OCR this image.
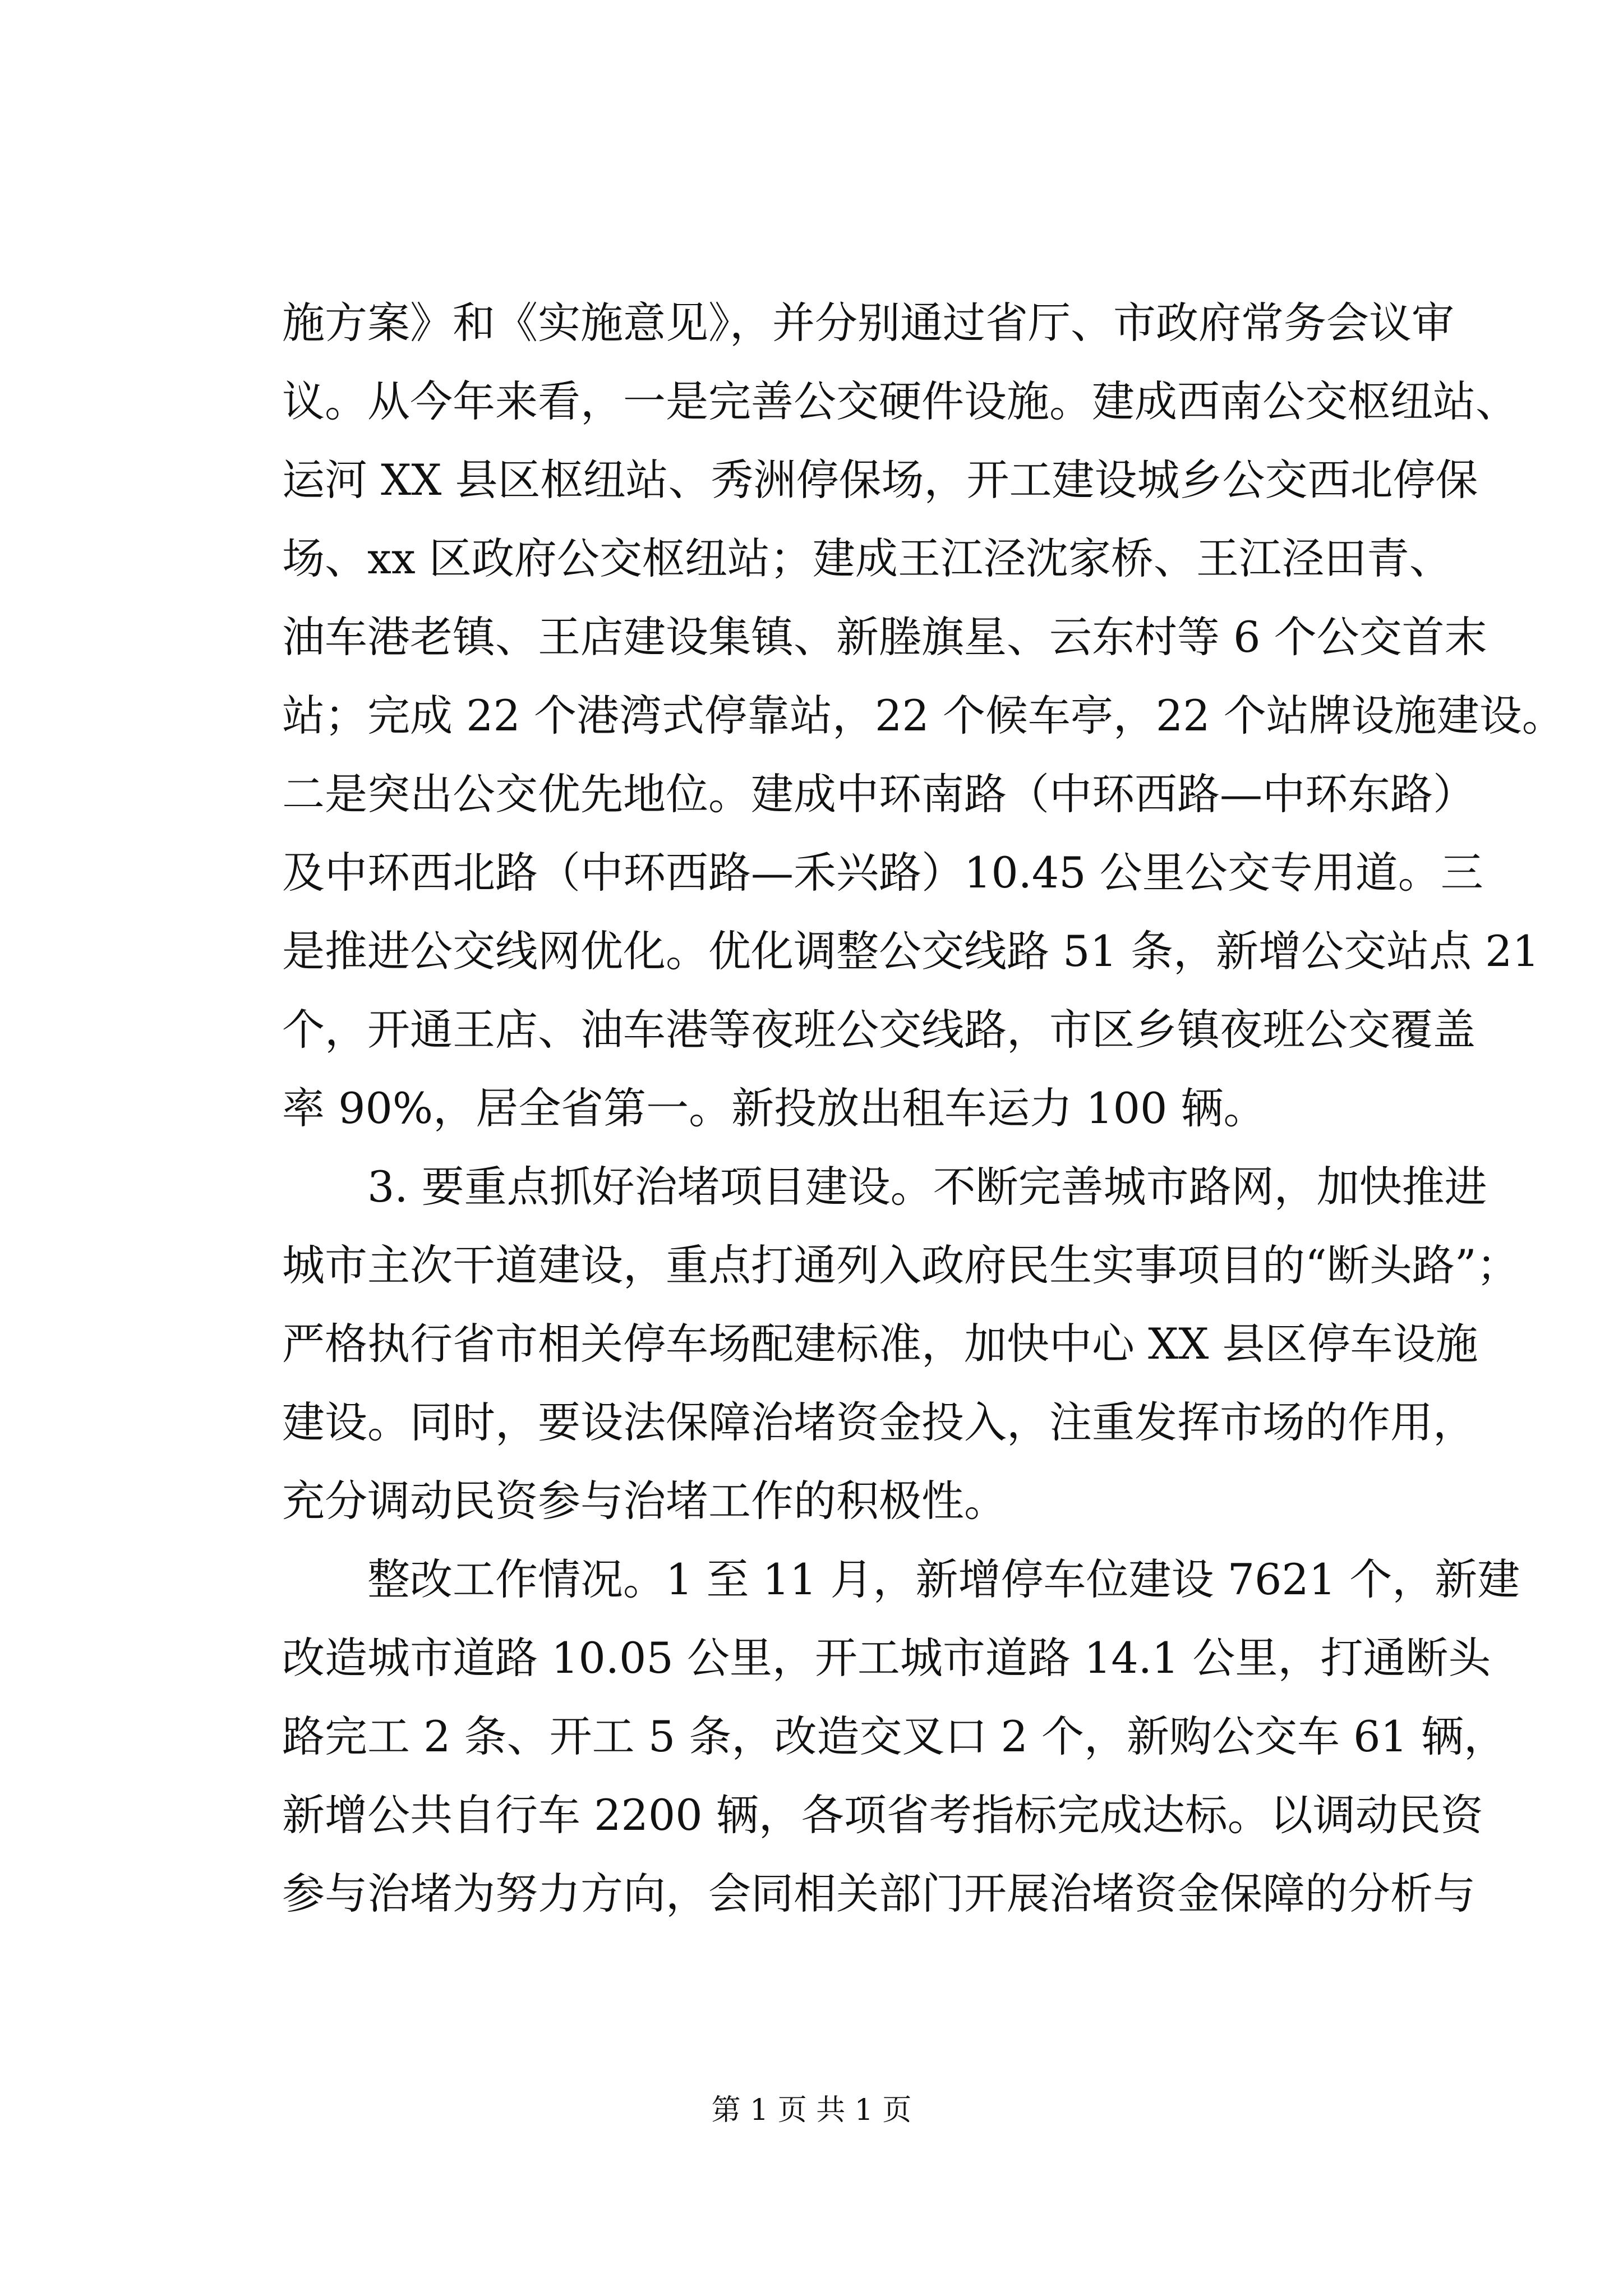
施方案》和《实施意见》，并分别通过省厅、市政府常务会议审
议。从今年来看，一是完善公交硬件设施。建成西南公交枢纽站、
运河 XX 县区枢纽站、秀洲停保场，开工建设城乡公交西北停保
场、xx 区政府公交枢纽站；建成王江泾沈家桥、王江泾田青、
油车港老镇、王店建设集镇、新塍旗星、云东村等 6 个公交首末
站；完成 22 个港湾式停靠站，22 个候车亭，22 个站牌设施建设。
二是突出公交优先地位。建成中环南路（中环西路—中环东路）
及中环西北路（中环西路—禾兴路）10.45 公里公交专用道。三
是推进公交线网优化。优化调整公交线路 51 条，新增公交站点 21
个，开通王店、油车港等夜班公交线路，市区乡镇夜班公交覆盖
率 90%，居全省第一。新投放出租车运力 100 辆。
3. 要重点抓好治堵项目建设。不断完善城市路网，加快推进
城市主次干道建设，重点打通列入政府民生实事项目的“断头路”；
严格执行省市相关停车场配建标准，加快中心 XX 县区停车设施
建设。同时，要设法保障治堵资金投入，注重发挥市场的作用，
充分调动民资参与治堵工作的积极性。
整改工作情况。1 至 11 月，新增停车位建设 7621 个，新建
改造城市道路 10.05 公里，开工城市道路 14.1 公里，打通断头
路完工 2 条、开工 5 条，改造交叉口 2 个，新购公交车 61 辆，
新增公共自行车 2200 辆，各项省考指标完成达标。以调动民资
参与治堵为努力方向，会同相关部门开展治堵资金保障的分析与
第 1 页 共 1 页
